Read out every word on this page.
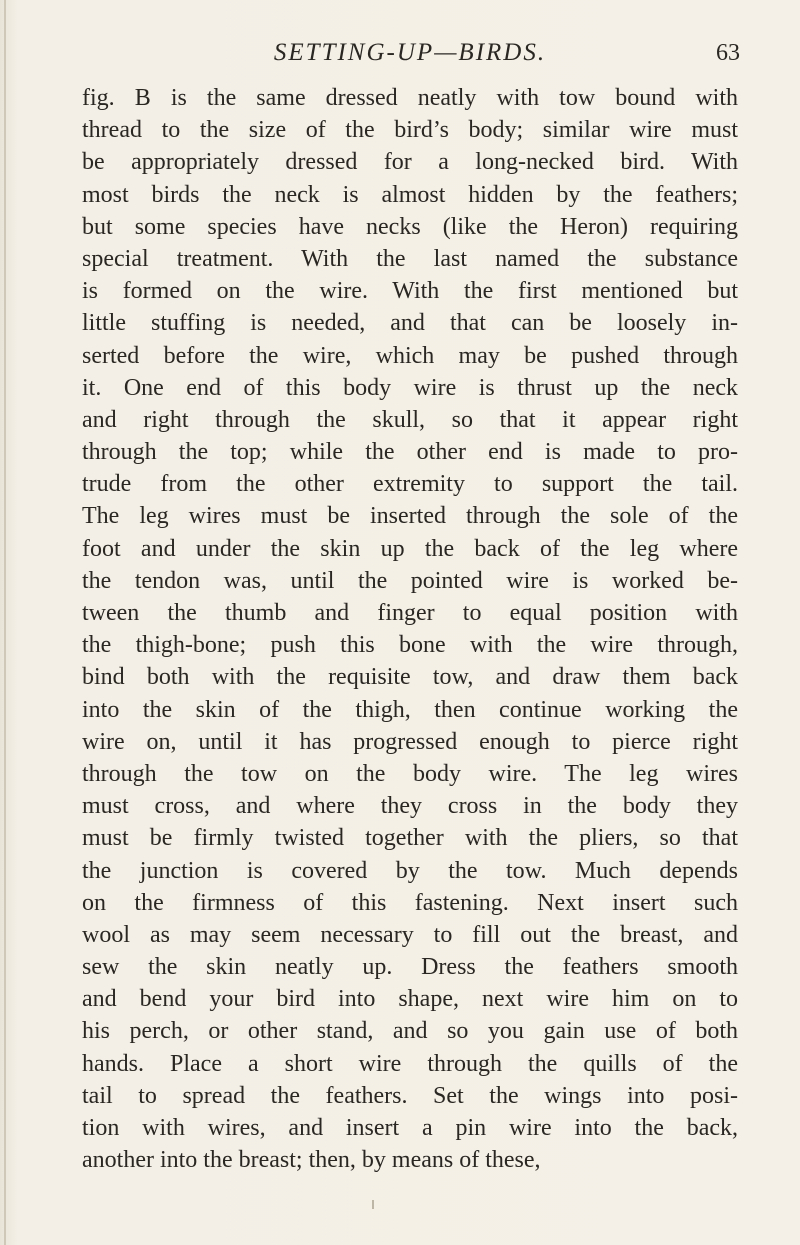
SETTING-UP—BIRDS.	63
fig. B is the same dressed neatly with tow bound with
thread to the size of the bird’s body; similar wire must
be appropriately dressed for a long-necked bird. With
most birds the neck is almost hidden by the feathers;
but some species have necks (like the Heron) requiring
special treatment. With the last named the substance
is formed on the wire. With the first mentioned but
little stuffing is needed, and that can be loosely in-
serted before the wire, which may be pushed through
it. One end of this body wire is thrust up the neck
and right through the skull, so that it appear right
through the top; while the other end is made to pro-
trude from the other extremity to support the tail.
The leg wires must be inserted through the sole of the
foot and under the skin up the back of the leg where
the tendon was, until the pointed wire is worked be-
tween the thumb and finger to equal position with
the thigh-bone; push this bone with the wire through,
bind both with the requisite tow, and draw them back
into the skin of the thigh, then continue working the
wire on, until it has progressed enough to pierce right
through the tow on the body wire. The leg wires
must cross, and where they cross in the body they
must be firmly twisted together with the pliers, so that
the junction is covered by the tow. Much depends
on the firmness of this fastening. Next insert such
wool as may seem necessary to fill out the breast, and
sew the skin neatly up. Dress the feathers smooth
and bend your bird into shape, next wire him on to
his perch, or other stand, and so you gain use of both
hands. Place a short wire through the quills of the
tail to spread the feathers. Set the wings into posi-
tion with wires, and insert a pin wire into the back,
another into the breast; then, by means of these,
